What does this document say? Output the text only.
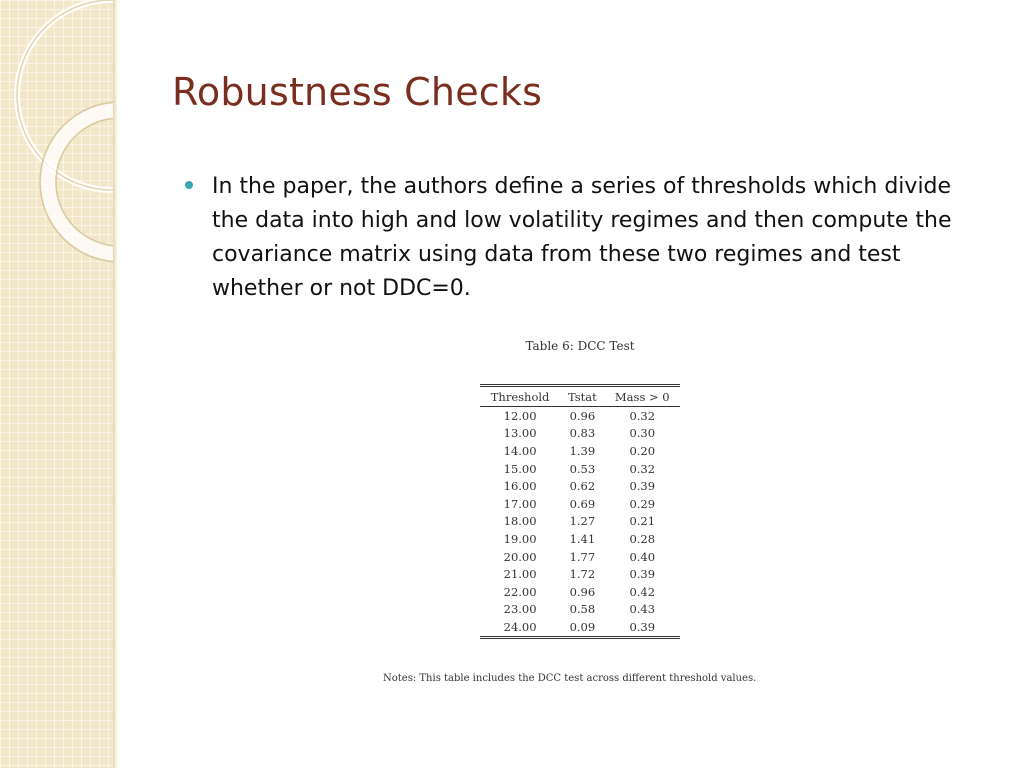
Robustness Checks

In the paper, the authors define a series of thresholds which divide the data into high and low volatility regimes and then compute the covariance matrix using data from these two regimes and test whether or not DDC=0.

Table 6: DCC Test
Threshold	Tstat	Mass > 0
12.00	0.96	0.32
13.00	0.83	0.30
14.00	1.39	0.20
15.00	0.53	0.32
16.00	0.62	0.39
17.00	0.69	0.29
18.00	1.27	0.21
19.00	1.41	0.28
20.00	1.77	0.40
21.00	1.72	0.39
22.00	0.96	0.42
23.00	0.58	0.43
24.00	0.09	0.39
Notes: This table includes the DCC test across different threshold values.
